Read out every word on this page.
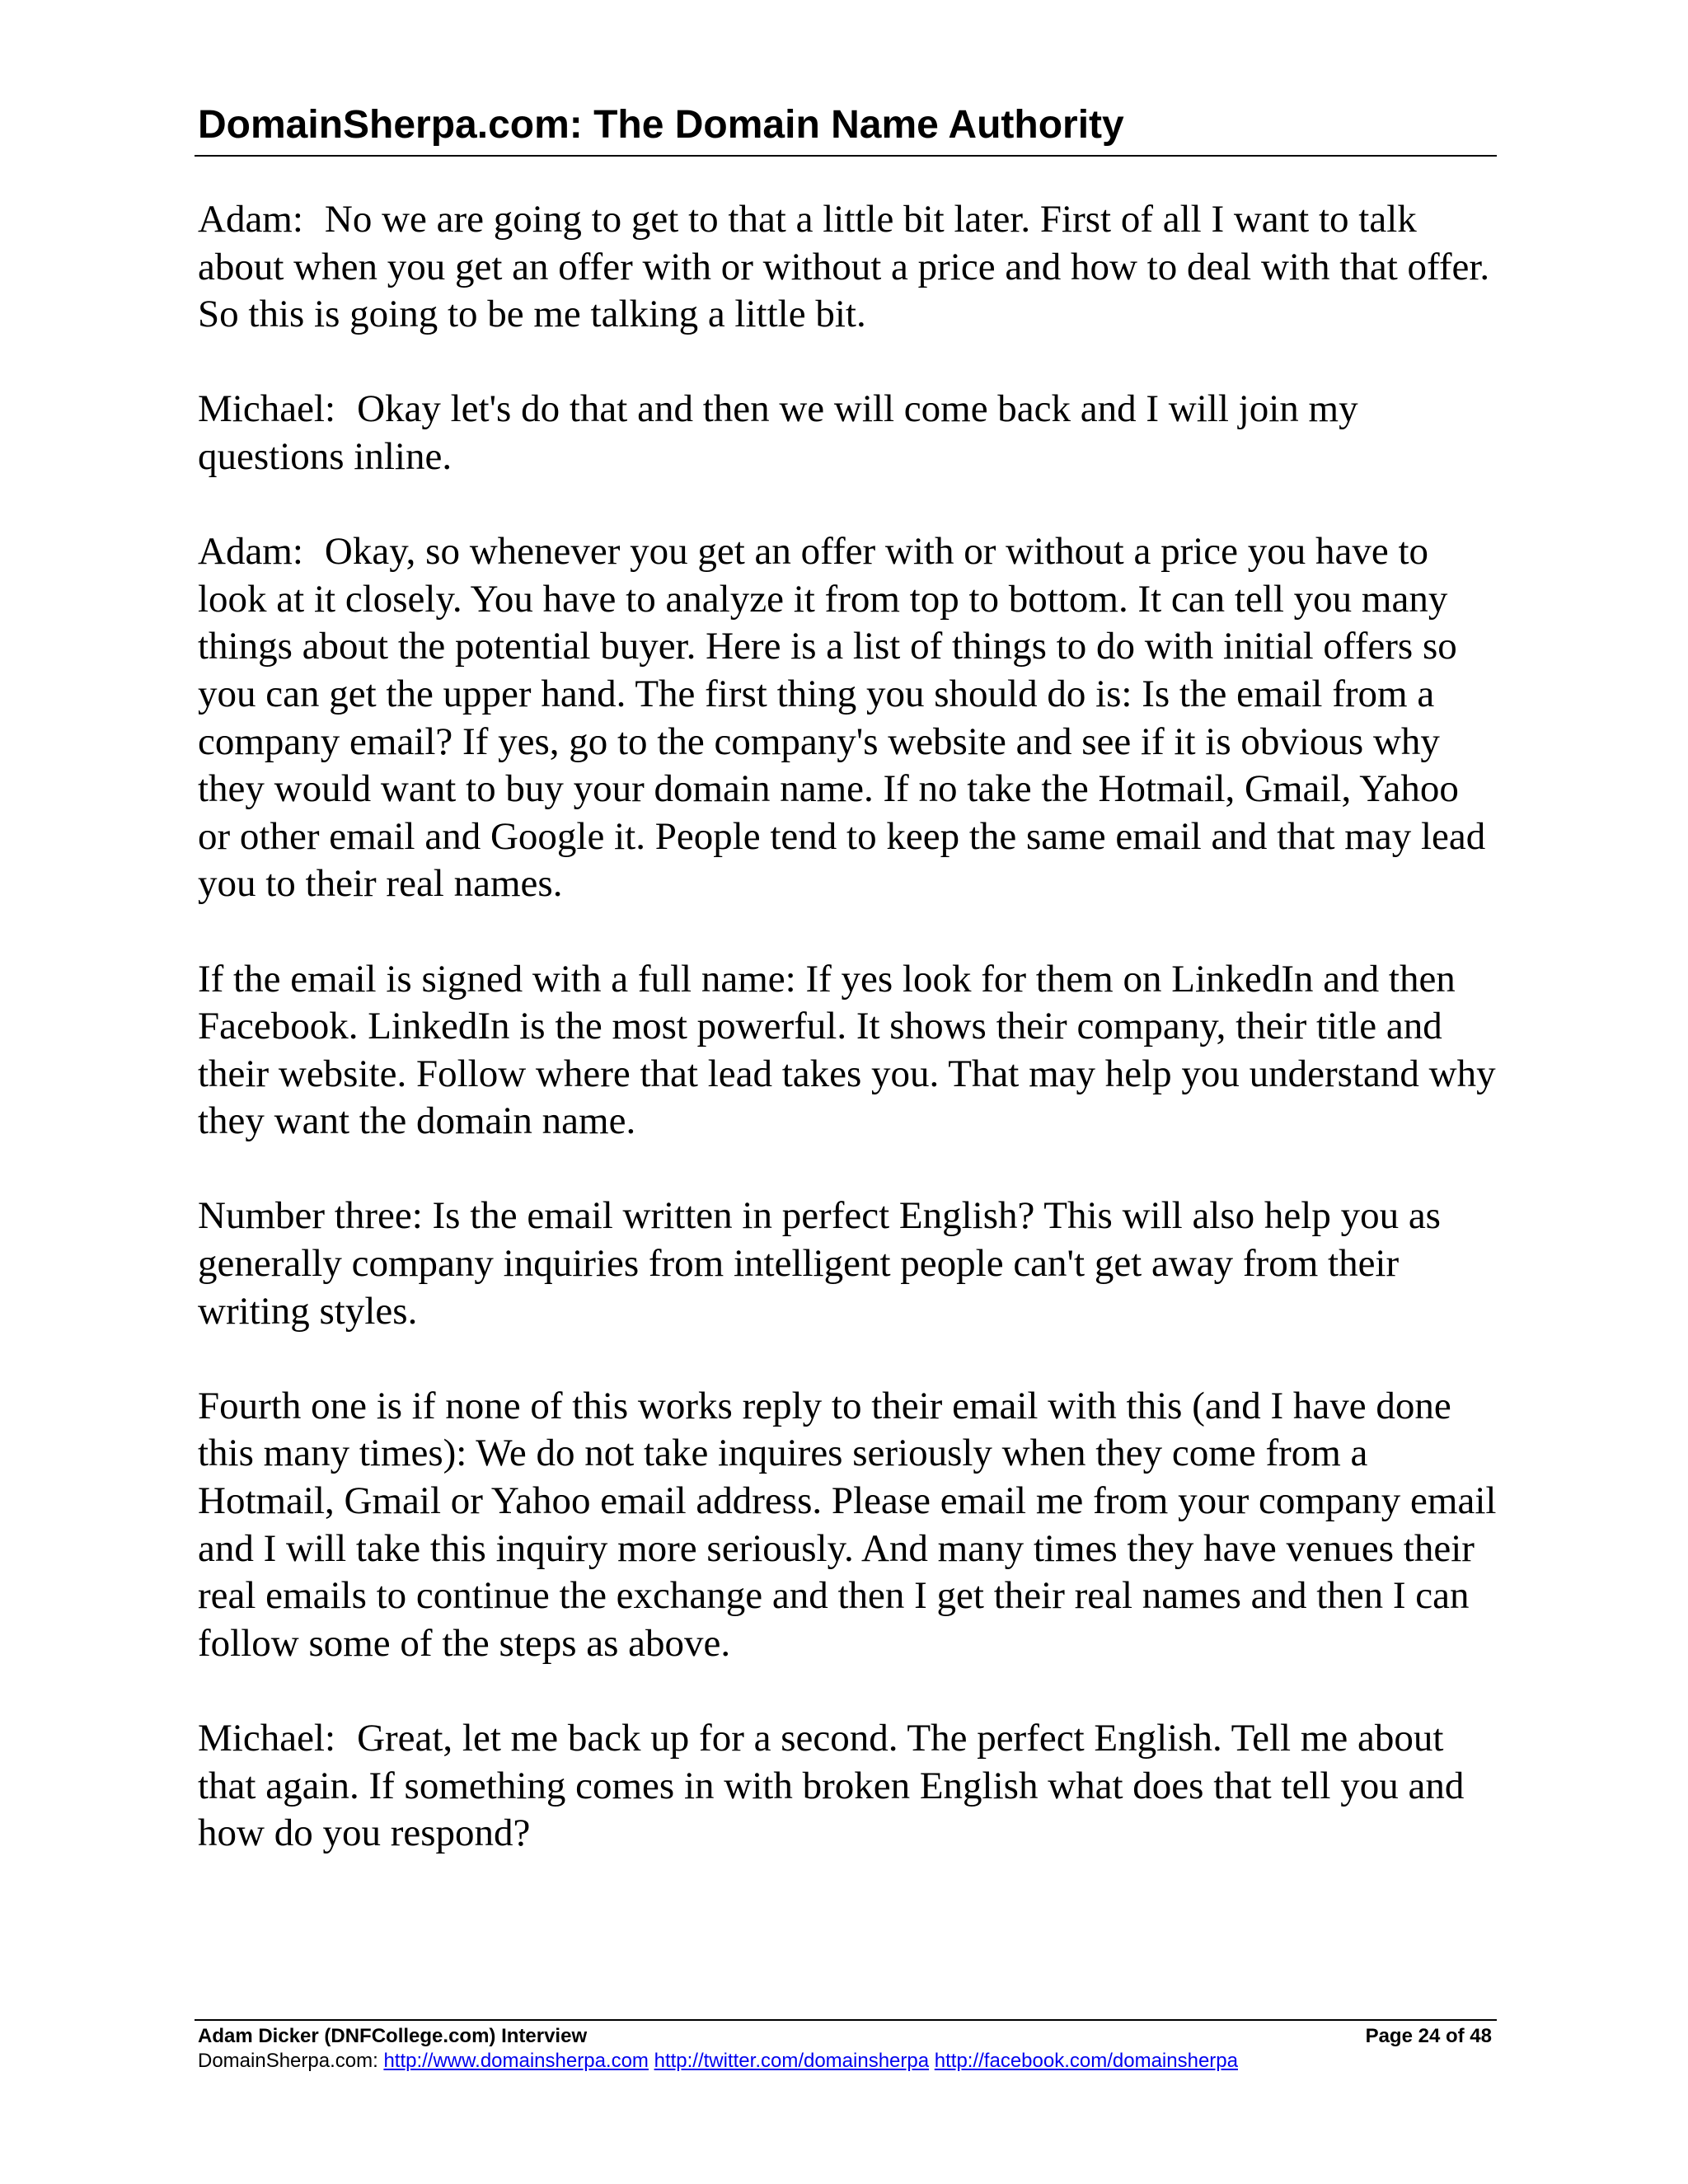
DomainSherpa.com: The Domain Name Authority

Adam: No we are going to get to that a little bit later. First of all I want to talk about when you get an offer with or without a price and how to deal with that offer. So this is going to be me talking a little bit.

Michael: Okay let's do that and then we will come back and I will join my questions inline.

Adam: Okay, so whenever you get an offer with or without a price you have to look at it closely. You have to analyze it from top to bottom. It can tell you many things about the potential buyer. Here is a list of things to do with initial offers so you can get the upper hand. The first thing you should do is: Is the email from a company email? If yes, go to the company's website and see if it is obvious why they would want to buy your domain name. If no take the Hotmail, Gmail, Yahoo or other email and Google it. People tend to keep the same email and that may lead you to their real names.

If the email is signed with a full name: If yes look for them on LinkedIn and then Facebook. LinkedIn is the most powerful. It shows their company, their title and their website. Follow where that lead takes you. That may help you understand why they want the domain name.

Number three: Is the email written in perfect English? This will also help you as generally company inquiries from intelligent people can't get away from their writing styles.

Fourth one is if none of this works reply to their email with this (and I have done this many times): We do not take inquires seriously when they come from a Hotmail, Gmail or Yahoo email address. Please email me from your company email and I will take this inquiry more seriously. And many times they have venues their real emails to continue the exchange and then I get their real names and then I can follow some of the steps as above.

Michael: Great, let me back up for a second. The perfect English. Tell me about that again. If something comes in with broken English what does that tell you and how do you respond?

Adam Dicker (DNFCollege.com) Interview	Page 24 of 48
DomainSherpa.com: http://www.domainsherpa.com http://twitter.com/domainsherpa http://facebook.com/domainsherpa
